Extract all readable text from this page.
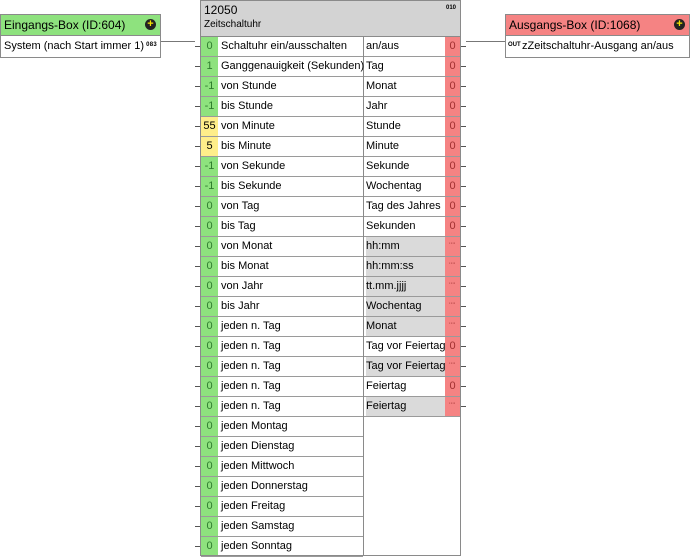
Eingangs-Box (ID:604) +
System (nach Start immer 1) 083
Ausgangs-Box (ID:1068)	+
OUT zZeitschaltuhr-Ausgang an/aus
12050
Zeitschaltuhr
010
0 Schaltuhr ein/ausschalten
1 Ganggenauigkeit (Sekunden)
-1 von Stunde
-1 bis Stunde
55 von Minute
5 bis Minute
-1 von Sekunde
-1 bis Sekunde
0 von Tag
0 bis Tag
0 von Monat
0 bis Monat
0 von Jahr
0 bis Jahr
0 jeden n. Tag
0 jeden n. Tag
0 jeden n. Tag
0 jeden n. Tag
0 jeden n. Tag
0 jeden Montag
0 jeden Dienstag
0 jeden Mittwoch
0 jeden Donnerstag
0 jeden Freitag
0 jeden Samstag
0 jeden Sonntag
an/aus	0
Tag	0
Monat	0
Jahr	0
Stunde	0
Minute	0
Sekunde	0
Wochentag	0
Tag des Jahres 0
Sekunden	0
hh:mm	''''
hh:mm:ss	''''
tt.mm.jjjj	''''
Wochentag	''''
Monat	''''
Tag vor Feiertag 0
Tag vor Feiertag ''''
Feiertag	0
Feiertag	''''
